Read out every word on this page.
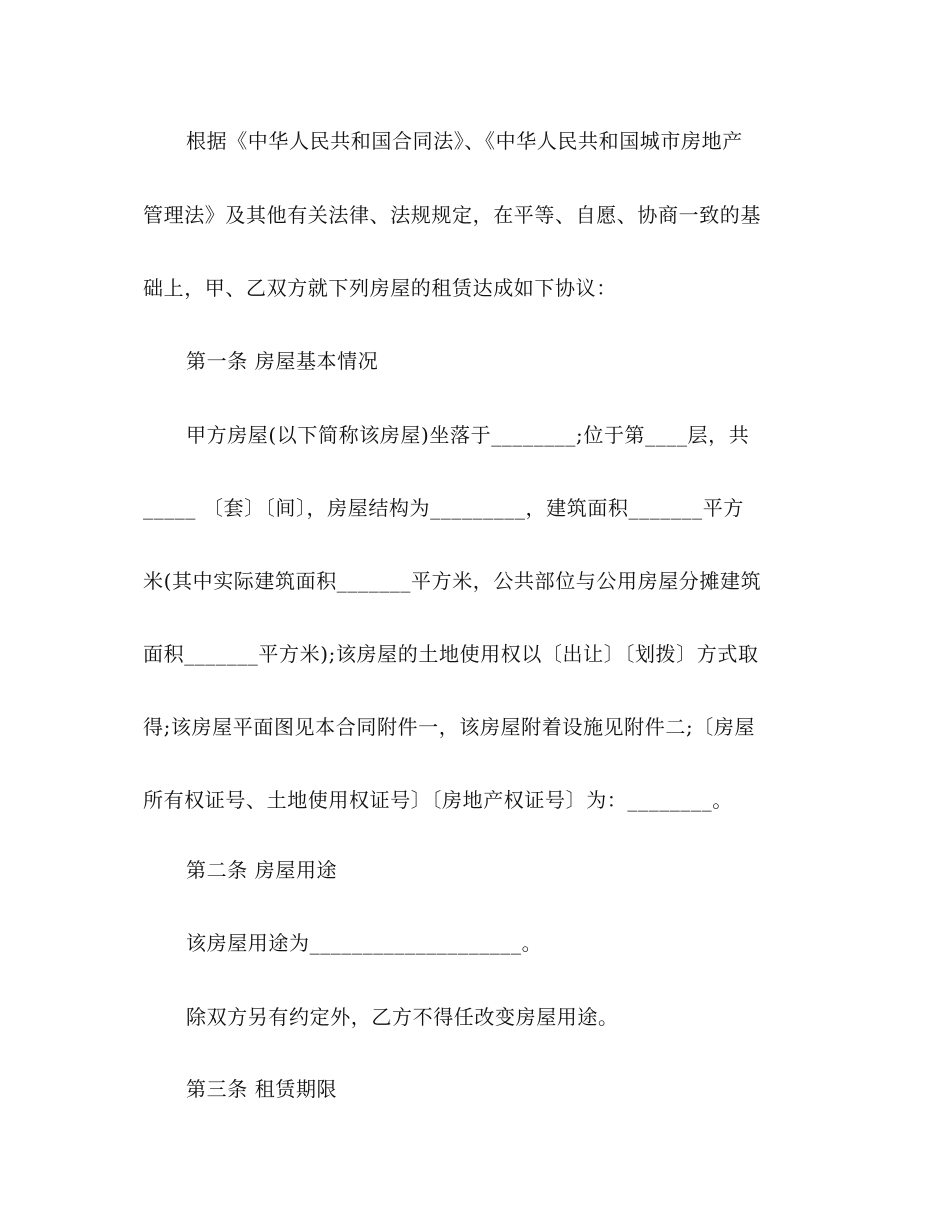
根据《中华人民共和国合同法》、《中华人民共和国城市房地产
管理法》及其他有关法律、法规规定，在平等、自愿、协商一致的基
础上，甲、乙双方就下列房屋的租赁达成如下协议：
第一条 房屋基本情况
甲方房屋(以下简称该房屋)坐落于________;位于第____层，共
_____ 〔套〕〔间〕，房屋结构为_________，建筑面积_______平方
米(其中实际建筑面积_______平方米，公共部位与公用房屋分摊建筑
面积_______平方米);该房屋的土地使用权以〔出让〕〔划拨〕方式取
得;该房屋平面图见本合同附件一，该房屋附着设施见附件二;〔房屋
所有权证号、土地使用权证号〕〔房地产权证号〕为：________。
第二条 房屋用途
该房屋用途为____________________。
除双方另有约定外，乙方不得任改变房屋用途。
第三条 租赁期限
